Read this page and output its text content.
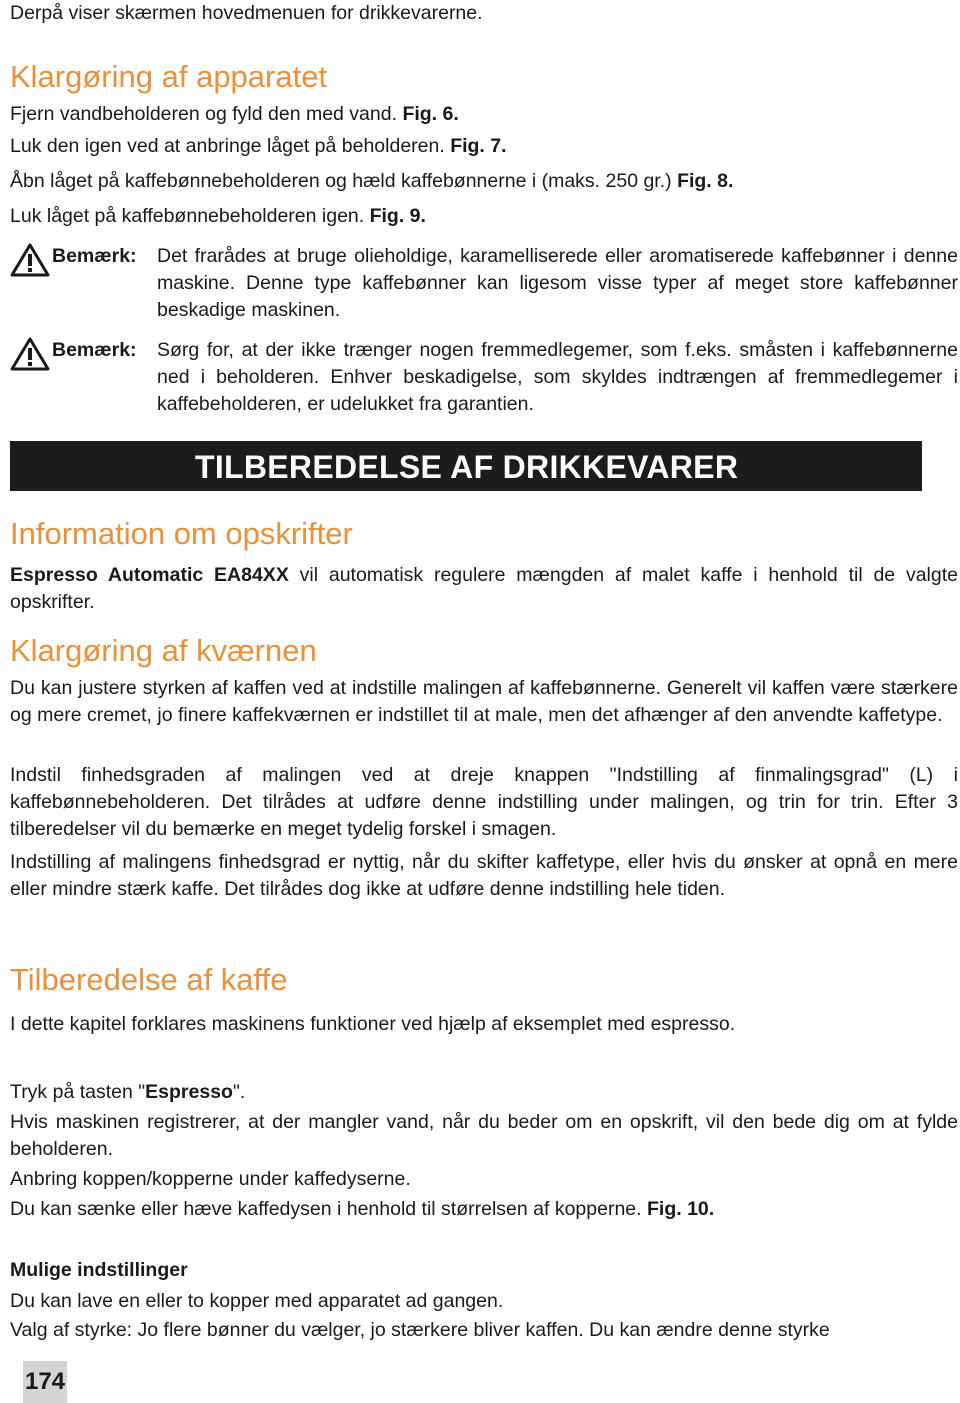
Derpå viser skærmen hovedmenuen for drikkevarerne.

Klargøring af apparatet

Fjern vandbeholderen og fyld den med vand. Fig. 6.

Luk den igen ved at anbringe låget på beholderen. Fig. 7.

Åbn låget på kaffebønnebeholderen og hæld kaffebønnerne i (maks. 250 gr.) Fig. 8.

Luk låget på kaffebønnebeholderen igen. Fig. 9.

Bemærk: Det frarådes at bruge olieholdige, karamelliserede eller aromatiserede kaffebønner i denne maskine. Denne type kaffebønner kan ligesom visse typer af meget store kaffebønner beskadige maskinen.

Bemærk: Sørg for, at der ikke trænger nogen fremmedlegemer, som f.eks. småsten i kaffebønnerne ned i beholderen. Enhver beskadigelse, som skyldes indtrængen af fremmedlegemer i kaffebeholderen, er udelukket fra garantien.

TILBEREDELSE AF DRIKKEVARER
Information om opskrifter

Espresso Automatic EA84XX vil automatisk regulere mængden af malet kaffe i henhold til de valgte opskrifter.

Klargøring af kværnen

Du kan justere styrken af kaffen ved at indstille malingen af kaffebønnerne. Generelt vil kaffen være stærkere og mere cremet, jo finere kaffekværnen er indstillet til at male, men det afhænger af den anvendte kaffetype.

Indstil finhedsgraden af malingen ved at dreje knappen "Indstilling af finmalingsgrad" (L) i kaffebønnebeholderen. Det tilrådes at udføre denne indstilling under malingen, og trin for trin. Efter 3 tilberedelser vil du bemærke en meget tydelig forskel i smagen.

Indstilling af malingens finhedsgrad er nyttig, når du skifter kaffetype, eller hvis du ønsker at opnå en mere eller mindre stærk kaffe. Det tilrådes dog ikke at udføre denne indstilling hele tiden.

Tilberedelse af kaffe

I dette kapitel forklares maskinens funktioner ved hjælp af eksemplet med espresso.

Tryk på tasten "Espresso".

Hvis maskinen registrerer, at der mangler vand, når du beder om en opskrift, vil den bede dig om at fylde beholderen.

Anbring koppen/kopperne under kaffedyserne.

Du kan sænke eller hæve kaffedysen i henhold til størrelsen af kopperne. Fig. 10.

Mulige indstillinger

Du kan lave en eller to kopper med apparatet ad gangen.

Valg af styrke: Jo flere bønner du vælger, jo stærkere bliver kaffen. Du kan ændre denne styrke

174
